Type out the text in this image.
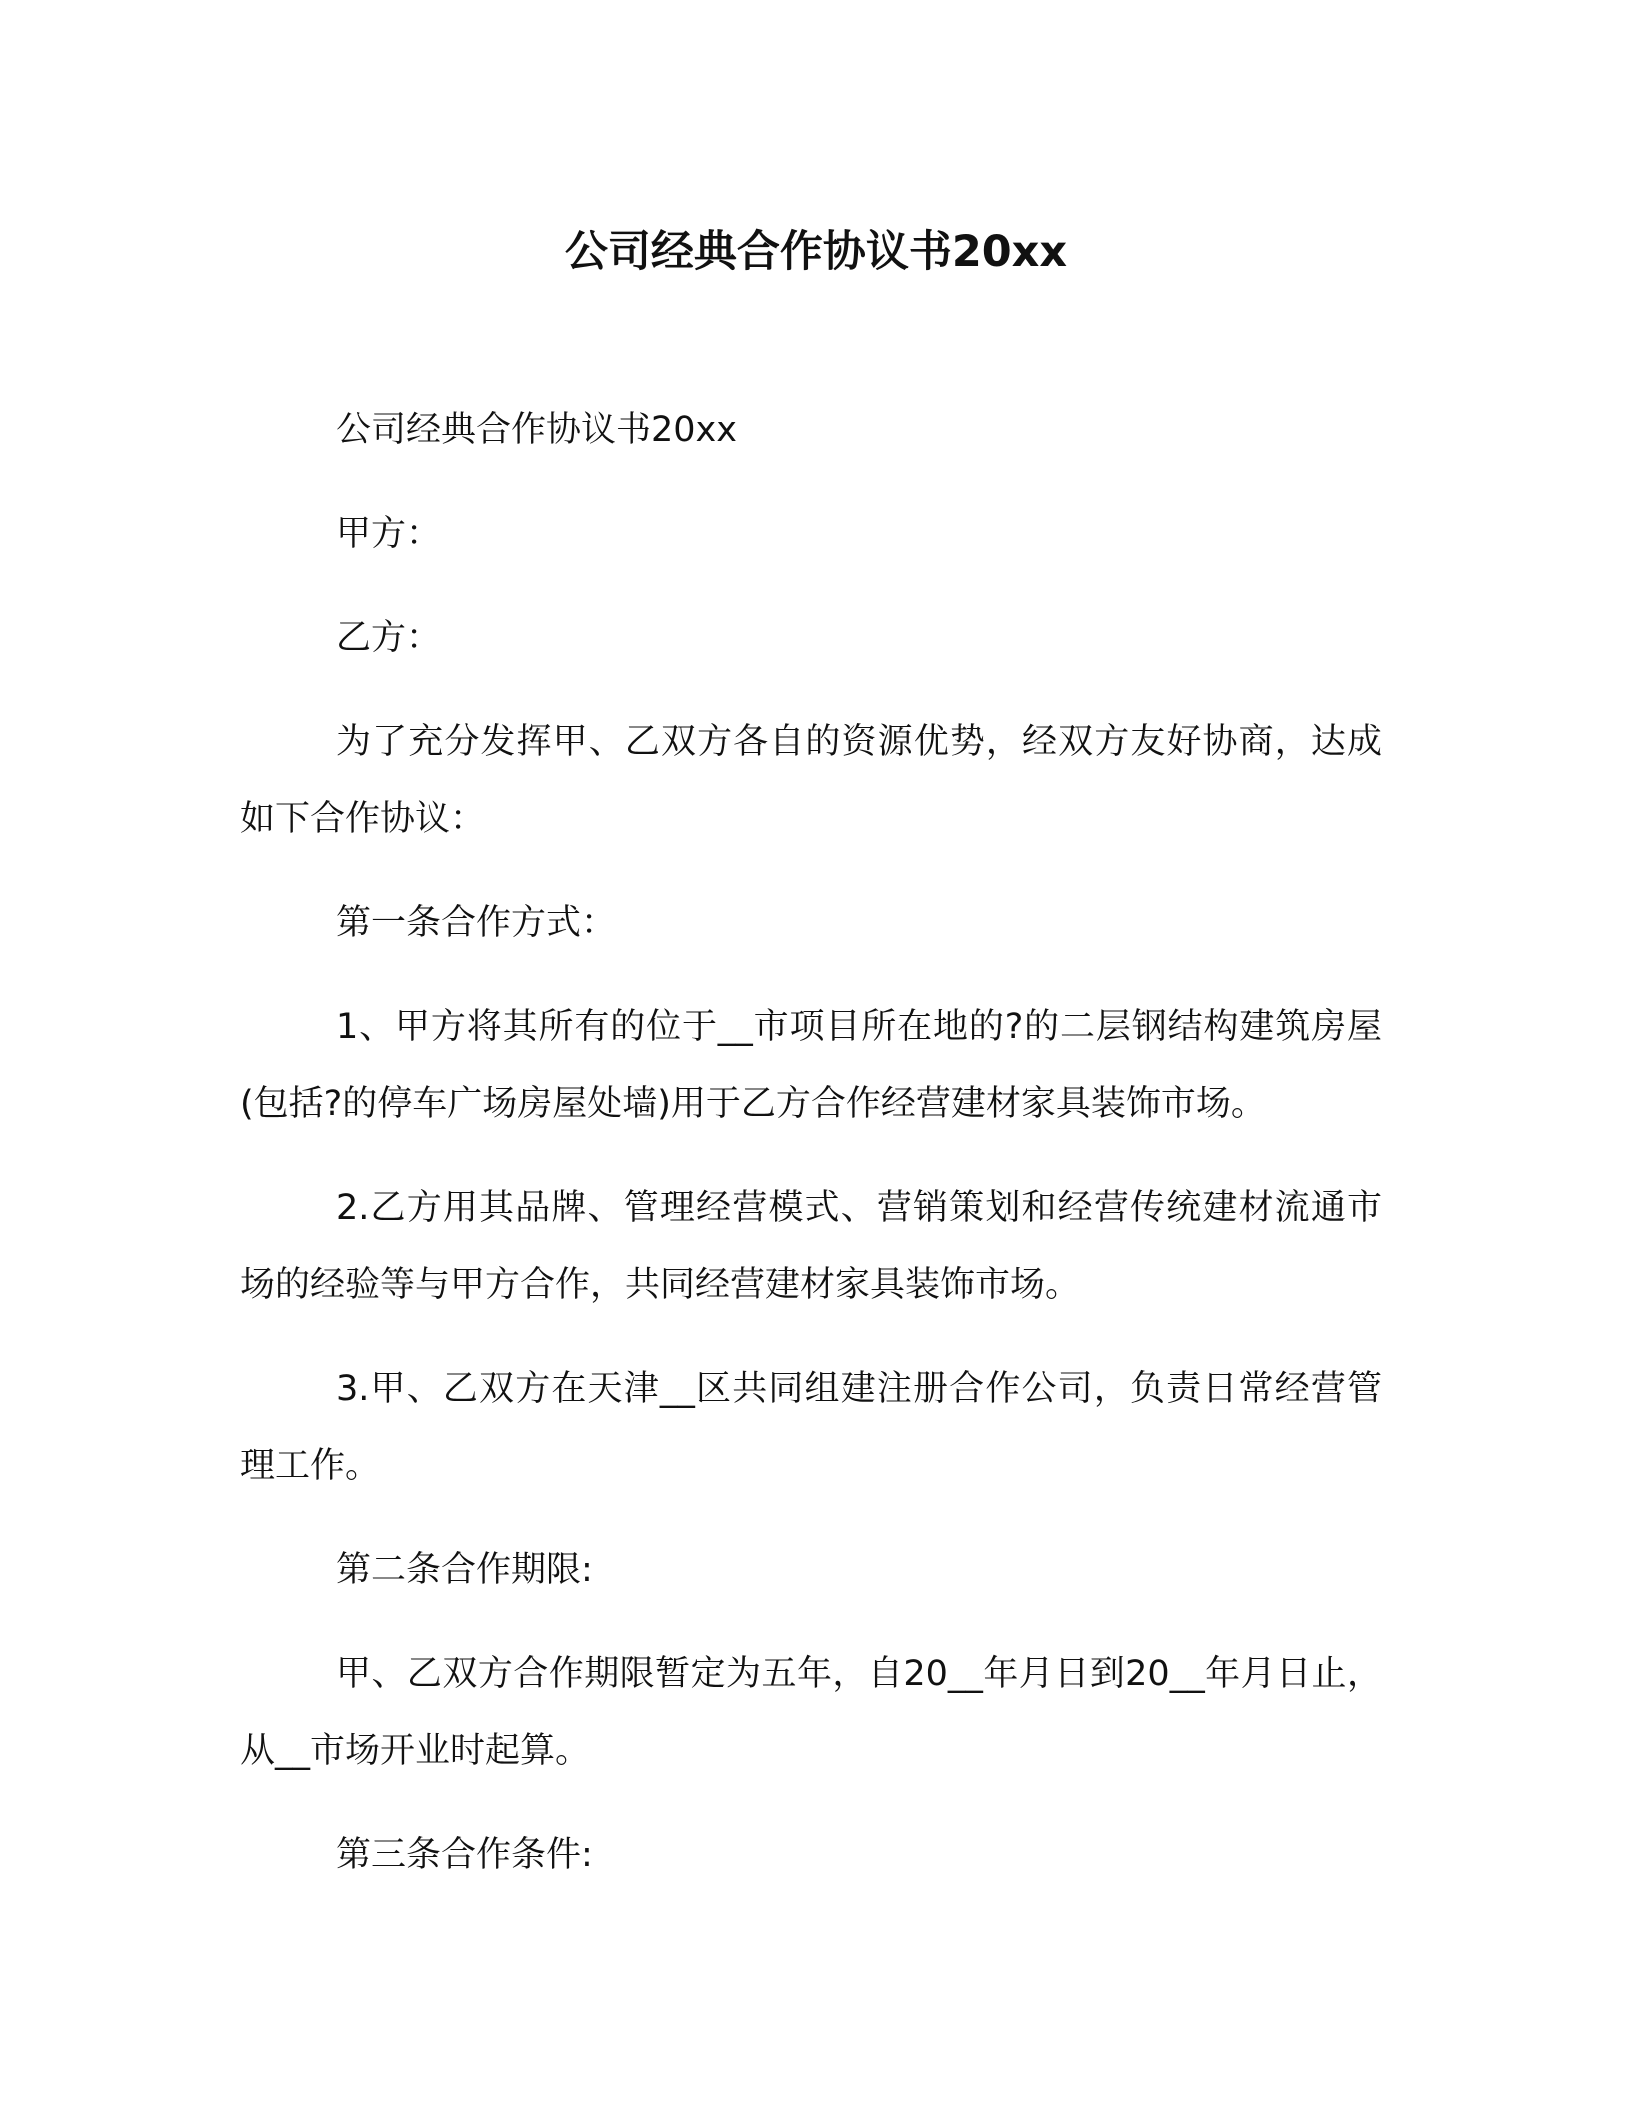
公司经典合作协议书20xx

公司经典合作协议书20xx

甲方：

乙方：

为了充分发挥甲、乙双方各自的资源优势，经双方友好协商，达成如下合作协议：

第一条合作方式：

1、甲方将其所有的位于__市项目所在地的?的二层钢结构建筑房屋(包括?的停车广场房屋处墙)用于乙方合作经营建材家具装饰市场。

2.乙方用其品牌、管理经营模式、营销策划和经营传统建材流通市场的经验等与甲方合作，共同经营建材家具装饰市场。

3.甲、乙双方在天津__区共同组建注册合作公司，负责日常经营管理工作。

第二条合作期限:

甲、乙双方合作期限暂定为五年，自20__年月日到20__年月日止，从__市场开业时起算。

第三条合作条件:
